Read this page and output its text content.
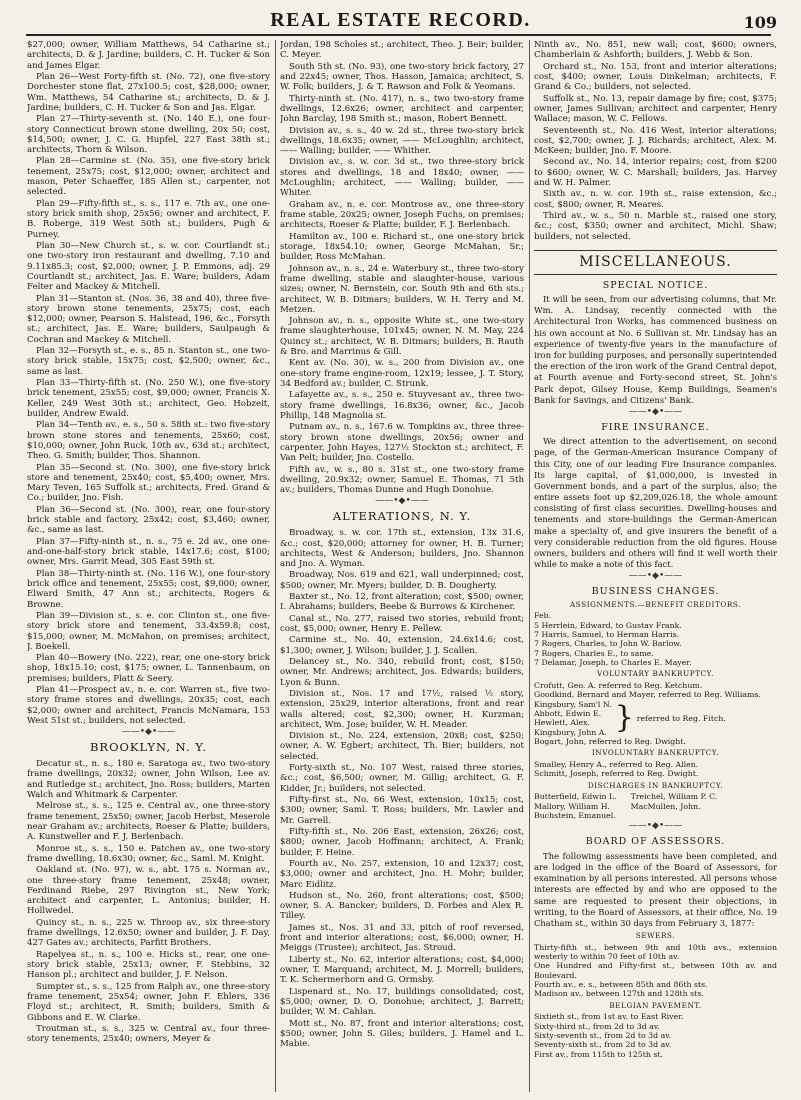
REAL ESTATE RECORD.	109

$27,000; owner, William Matthews, 54 Catharine st.; architects, D. & J. Jardine; builders, C. H. Tucker & Son and James Elgar.

Plan 26—West Forty-fifth st. (No. 72), one five-story Dorchester stone flat, 27x100.5; cost, $28,000; owner, Wm. Matthews, 54 Catharine st.; architects, D. & J. Jardine; builders, C. H. Tucker & Son and Jas. Elgar.

Plan 27—Thirty-seventh st. (No. 140 E.), one four-story Connecticut brown stone dwelling, 20x 50; cost, $14,500; owner, J. C. G. Hupfel, 227 East 38th st.; architects, Thorn & Wilson.

Plan 28—Carmine st. (No. 35), one five-story brick tenement, 25x75; cost, $12,000; owner, architect and mason, Peter Schaeffer, 185 Allen st.; carpenter, not selected.

Plan 29—Fifty-fifth st., s. s., 117 e. 7th av., one one-story brick smith shop, 25x56; owner and architect, F. B. Roberge, 319 West 50th st.; builders, Pugh & Purney.

Plan 30—New Church st., s. w. cor. Courtlandt st.; one two-story iron restaurant and dwelling, 7.10 and 9.11x85.3; cost, $2,000; owner, J. P. Emmons, adj. 29 Courtlandt st.; architect, Jas. E. Ware; builders, Adam Felter and Mackey & Mitchell.

Plan 31—Stanton st. (Nos. 36, 38 and 40), three five-story brown stone tenements, 25x75; cost, each $12,000; owner, Pearson S. Halstead, 196, &c., Forsyth st.; architect, Jas. E. Ware; builders, Saulpaugh & Cochran and Mackey & Mitchell.

Plan 32—Forsyth st., e. s., 85 n. Stanton st., one two-story brick stable, 15x75; cost, $2,500; owner, &c., same as last.

Plan 33—Thirty-fifth st. (No. 250 W.), one five-story brick tenement, 25x55; cost, $9,000; owner, Francis X. Keller, 249 West 30th st.; architect, Geo. Hobzeit, builder, Andrew Ewald.

Plan 34—Tenth av., e. s., 50 s. 58th st.: two five-story brown stone stores and tenements, 25x60; cost, $10,000; owner, John Ruck, 10th av., 63d st.; architect, Theo. G. Smith; builder, Thos. Shannon.

Plan 35—Second st. (No. 300), one five-story brick store and tenement, 25x40; cost, $5,400; owner, Mrs. Mary Teven, 165 Suffolk st.; architects, Fred. Grand & Co.; builder, Jno. Fish.

Plan 36—Second st. (No. 300), rear, one four-story brick stable and factory, 25x42; cost, $3,460; owner, &c., same as last.

Plan 37—Fifty-ninth st., n. s., 75 e. 2d av., one one-and-one-half-story brick stable, 14x17.6; cost, $100; owner, Mrs. Garrit Mead, 305 East 59th st.

Plan 38—Thirty-ninth st. (No. 116 W.), one four-story brick office and tenement, 25x55; cost, $9,000; owner, Elward Smith, 47 Ann st.; architects, Rogers & Browne.

Plan 39—Division st., s. e. cor. Clinton st., one five-story brick store and tenement, 33.4x59.8; cost, $15,000; owner, M. McMahon, on premises; architect, J. Boekell.

Plan 40—Bowery (No. 222), rear, one one-story brick shop, 18x15.10; cost, $175; owner, L. Tannenbaum, on premises; builders, Platt & Seery.

Plan 41—Prospect av., n. e. cor. Warren st., five two-story frame stores and dwellings, 20x35; cost, each $2,000; owner and architect, Francis McNamara, 153 West 51st st.; builders, not selected.

——•◆•——
BROOKLYN, N. Y.

Decatur st., n. s., 180 e. Saratoga av., two two-story frame dwellings, 20x32; owner, John Wilson, Lee av. and Rutledge st.; architect, Jno. Ross; builders, Marten Walch and Whitmark & Carpenter.

Melrose st., s. s., 125 e. Central av., one three-story frame tenement, 25x50; owner, Jacob Herbst, Meserole near Graham av.; architects, Roeser & Platte; builders, A. Kunstweller and F. J. Berlenbach.

Monroe st., s. s., 150 e. Patchen av., one two-story frame dwelling, 18.6x30; owner, &c., Saml. M. Knight.

Oakland st. (No. 97), w. s., abt. 175 s. Norman av., one three-story frame tenement, 25x48; owner, Ferdinand Riebe, 297 Rivington st., New York; architect and carpenter, L. Antonius; builder, H. Hollwedel.

Quincy st., n. s., 225 w. Throop av., six three-story frame dwellings, 12.6x50; owner and builder, J. F. Day, 427 Gates av.; architects, Parfitt Brothers.

Rapelyea st., n. s., 100 e. Hicks st., rear, one one-story brick stable, 25x13; owner, F. Stebbins, 32 Hanson pl.; architect and builder, J. F. Nelson.

Sumpter st., s. s., 125 from Ralph av., one three-story frame tenement, 25x54; owner, John F. Ehlers, 336 Floyd st.; architect, R. Smith; builders, Smith & Gibbons and E. W. Clarke.

Troutman st., s. s., 325 w. Central av., four three-story tenements, 25x40; owners, Meyer &

Jordan, 198 Scholes st.; architect, Theo. J. Beir; builder, C. Meyer.

South 5th st. (No. 93), one two-story brick factory, 27 and 22x45; owner, Thos. Hasson, Jamaica; architect, S. W. Folk; builders, J. & T. Rawson and Folk & Yeomans.

Thirty-ninth st. (No. 417), n. s., two two-story frame dwellings, 12.6x26; owner, architect and carpenter, John Barclay, 198 Smith st.; mason, Robert Bennett.

Division av., s. s., 40 w. 2d st., three two-story brick dwellings, 18.6x35; owner, —— McLoughlin; architect, —— Walling; builder, —— Whither.

Division av., s. w. cor. 3d st., two three-story brick stores and dwellings, 18 and 18x40; owner, —— McLoughlin; architect, —— Walling; builder, —— Whiter.

Graham av., n. e. cor. Montrose av., one three-story frame stable, 20x25; owner, Joseph Fuchs, on premises; architects, Roeser & Platte; builder, F. J. Berlenbach.

Hamilton av., 100 e. Richard st., one one-story brick storage, 18x54.10; owner, George McMahan, Sr.; builder, Ross McMahan.

Johnson av., n. s., 24 e. Waterbury st., three two-story frame dwelling, stable and slaughter-house, various sizes; owner, N. Bernstein, cor. South 9th and 6th sts.; architect, W. B. Ditmars; builders, W. H. Terry and M. Metzen.

Johnson av., n. s., opposite White st., one two-story frame slaughterhouse, 101x45; owner, N. M. May, 224 Quincy st.; architect, W. B. Ditmars; builders, B. Rauth & Bro. and Marrinus & Gill.

Kent av. (No. 30), w. s., 200 from Division av., one one-story frame engine-room, 12x19; lessee, J. T. Story, 34 Bedford av.; builder, C. Strunk.

Lafayette av., s. s., 250 e. Stuyvesant av., three two-story frame dwellings, 16.8x36; owner, &c., Jacob Phillip, 148 Magnolia st.

Putnam av., n. s., 167.6 w. Tompkins av., three three-story brown stone dwellings, 20x56; owner and carpenter, John Hayes, 127½ Stockton st.; architect, F. Van Pelt; builder, Jno. Costello.

Fifth av., w. s., 80 s. 31st st., one two-story frame dwelling, 20.9x32; owner, Samuel E. Thomas, 71 5th av.; builders, Thomas Dunne and Hugh Donohue.

——•◆•——
ALTERATIONS, N. Y.

Broadway, s. w. cor. 17th st., extension, 13x 31.6, &c.; cost, $20,000; attorney for owner, H. B. Turner; architects, West & Anderson; builders, Jno. Shannon and Jno. A. Wyman.

Broadway, Nos. 619 and 621, wall underpinned; cost, $500; owner, Mr. Myers; builder, D. B. Dougherty.

Baxter st., No. 12, front alteration; cost, $500; owner, I. Abrahams; builders, Beebe & Burrows & Kirchener.

Canal st., No. 277, raised two stories, rebuild front; cost, $5,000; owner, Henry E. Pellew.

Carmine st., No. 40, extension, 24.6x14.6; cost, $1,300; owner, J. Wilson; builder, J. J. Scallen.

Delancey st., No. 340, rebuild front; cost, $150; owner, Mr. Andrews; architect, Jos. Edwards; builders, Lyon & Bunn.

Division st., Nos. 17 and 17½, raised ½ story, extension, 25x29, interior alterations, front and rear walls altered; cost, $2,300; owner, H. Kurzman; architect, Wm. Jose; builder, W. H. Meader.

Division st., No. 224, extension, 20x8; cost, $250; owner, A. W. Egbert; architect, Th. Bier; builders, not selected.

Forty-sixth st., No. 107 West, raised three stories, &c.; cost, $6,500; owner, M. Gillig; architect, G. F. Kidder, Jr.; builders, not selected.

Fifty-first st., No. 66 West, extension, 10x15; cost, $300; owner, Saml. T. Ross; builders, Mr. Lawler and Mr. Garrell.

Fifty-fifth st., No. 206 East, extension, 26x26; cost, $800; owner, Jacob Hoffmann; architect, A. Frank; builder, F. Heine.

Fourth av., No. 257, extension, 10 and 12x37; cost, $3,000; owner and architect, Jno. H. Mohr; builder, Marc Eidlitz.

Hudson st., No. 260, front alterations; cost, $500; owner, S. A. Bancker; builders, D. Forbes and Alex R. Tilley.

James st., Nos. 31 and 33, pitch of roof reversed, front and interior alterations; cost, $6,000; owner, H. Meiggs (Trustee); architect, Jas. Stroud.

Liberty st., No. 62, interior alterations; cost, $4,000; owner, T. Marquand; architect, M. J. Morrell; builders, T. K. Schermerhorn and G. Ormsby.

Lispenard st., No. 17, buildings consolidated; cost, $5,000; owner, D. O. Donohue; architect, J. Barrett; builder, W. M. Cahlan.

Mott st., No. 87, front and interior alterations; cost, $500; owner, John S. Giles; builders, J. Hamel and L. Mabie.

Ninth av., No. 851, new wall; cost, $600; owners, Chamberlain & Ashforth; builders, J. Webb & Son.

Orchard st., No. 153, front and interior alterations; cost, $400; owner, Louis Dinkelman; architects, F. Grand & Co.; builders, not selected.

Suffolk st., No. 13, repair damage by fire; cost, $375; owner, James Sullivan; architect and carpenter, Henry Wallace; mason, W. C. Fellows.

Seventeenth st., No. 416 West, interior alterations; cost, $2,700; owner, J. J. Richards; architect, Alex. M. McKeen; builder, Jno. F. Moore.

Second av., No. 14, interior repairs; cost, from $200 to $600; owner, W. C. Marshall; builders, Jas. Harvey and W. H. Palmer.

Sixth av., n. w. cor. 19th st., raise extension, &c.; cost, $800; owner, R. Meares.

Third av., w. s., 50 n. Marble st., raised one story, &c.; cost, $350; owner and architect, Michl. Shaw; builders, not selected.

MISCELLANEOUS.
SPECIAL NOTICE.

It will be seen, from our advertising columns, that Mr. Wm. A. Lindsay, recently connected with the Architectural Iron Works, has commenced business on his own account at No. 6 Sullivan st. Mr. Lindsay has an experience of twenty-five years in the manufacture of iron for building purposes, and personally superintended the erection of the iron work of the Grand Central depot, at Fourth avenue and Forty-second street, St. John's Park depot, Gilsey House, Kemp Buildings, Seamen's Bank for Savings, and Citizens' Bank.

——•◆•——
FIRE INSURANCE.

We direct attention to the advertisement, on second page, of the German-American Insurance Company of this City, one of our leading Fire Insurance companies. Its large capital, of $1,000,000, is invested in Government bonds, and a part of the surplus, also; the entire assets foot up $2,209,026.18, the whole amount consisting of first class securities. Dwelling-houses and tenements and store-buildings the German-American make a specialty of, and give insurers the benefit of a very considerable reduction from the old figures. House owners, builders and others will find it well worth their while to make a note of this fact.

——•◆•——
BUSINESS CHANGES.
ASSIGNMENTS.—BENEFIT CREDITORS.
Feb.
5 Herrlein, Edward, to Gustav Frank.
7 Harris, Samuel, to Herman Harris.
7 Rogers, Charles, to John W. Barlow.
7 Rogers, Charles E., to same.
7 Delamar, Joseph, to Charles E. Mayer.
VOLUNTARY BANKRUPTCY.
Crofutt, Geo. A. referred to Reg. Ketchum.
Goodkind, Bernard and Mayer, referred to Reg. Williams.
Kingsbury, Sam'l N.
Abbott, Edwin E.
Hewlett, Alex.
Kingsbury, John A. } referred to Reg. Fitch.
Bogart, John, referred to Reg. Dwight.
INVOLUNTARY BANKRUPTCY.
Smalley, Henry A., referred to Reg. Allen.
Schmitt, Joseph, referred to Reg. Dwight.
DISCHARGES IN BANKRUPTCY.
Butterfield, Edwin L.
Mallory, William H.
Buchstein, Emanuel.
Treichel, William P. C.
MacMullen, John.
——•◆•——
BOARD OF ASSESSORS.

The following assessments have been completed, and are lodged in the office of the Board of Assessors, for examination by all persons interested. All persons whose interests are effected by and who are opposed to the same are requested to present their objections, in writing, to the Board of Assessors, at their office, No. 19 Chatham st., within 30 days from February 3, 1877:

SEWERS.
Thirty-fifth st., between 9th and 10th avs., extension westerly to within 70 feet of 10th av.
One Hundred and Fifty-first st., between 10th av. and Boulevard.
Fourth av., e. s., between 85th and 86th sts.
Madison av., between 127th and 128th sts.
BELGIAN PAVEMENT.
Sixtieth st., from 1st av. to East River.
Sixty-third st., from 2d to 3d av.
Sixty-seventh st., from 2d to 3d av.
Seventy-sixth st., from 2d to 3d av.
First av., from 115th to 125th st.
